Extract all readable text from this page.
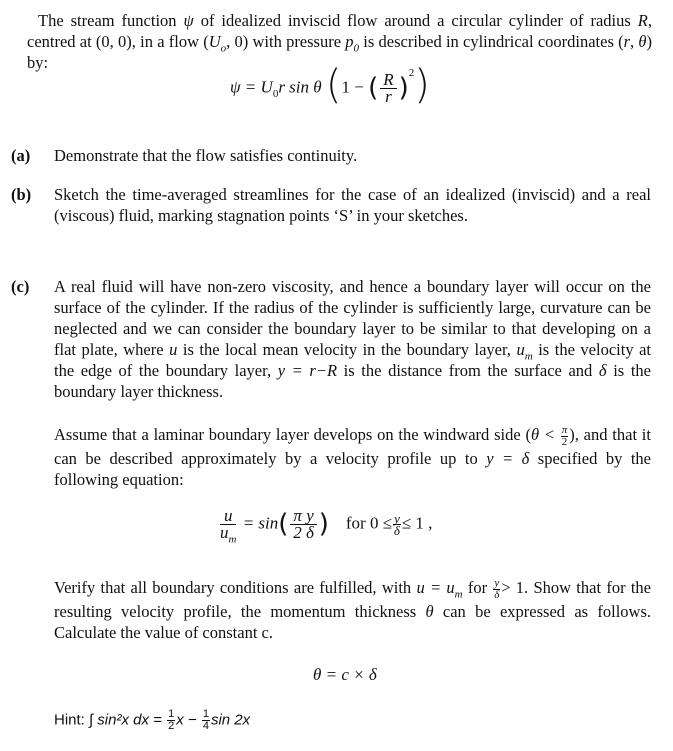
The stream function ψ of idealized inviscid flow around a circular cylinder of radius R, centred at (0, 0), in a flow ($U_o$, 0) with pressure $p_0$ is described in cylindrical coordinates (r, θ) by:
$\psi = U_0r$ sin θ (1 − ( $\frac{R}{r} )^2$)
(a) Demonstrate that the flow satisfies continuity.
(b) Sketch the time-averaged streamlines for the case of an idealized (inviscid) and a real (viscous) fluid, marking stagnation points ‘S’ in your sketches.
(c) A real fluid will have non-zero viscosity, and hence a boundary layer will occur on the surface of the cylinder. If the radius of the cylinder is sufficiently large, curvature can be neglected and we can consider the boundary layer to be similar to that developing on a flat plate, where u is the local mean velocity in the boundary layer, $u_m$ is the velocity at the edge of the boundary layer, y = r−R is the distance from the surface and δ is the boundary layer thickness.
Assume that a laminar boundary layer develops on the windward side ($\theta < \frac{\pi}{2}$ ), and that it can be described approximately by a velocity profile up to y = δ specified by the following equation:
$\frac{u}{u_m} = \sin( \frac{\text{π y}}{2 \delta}$ ) for $0 \le \frac{y}{\delta} \le 1$ ,
Verify that all boundary conditions are fulfilled, with $u = u_m$ for $\frac{y}{\delta} > 1$. Show that for the resulting velocity profile, the momentum thickness θ can be expressed as follows. Calculate the value of constant c.
θ = c × δ
Hint: ∫ sin²x dx = $\frac{1}{2}$ $x - \frac{1}{4}$ sin 2x
